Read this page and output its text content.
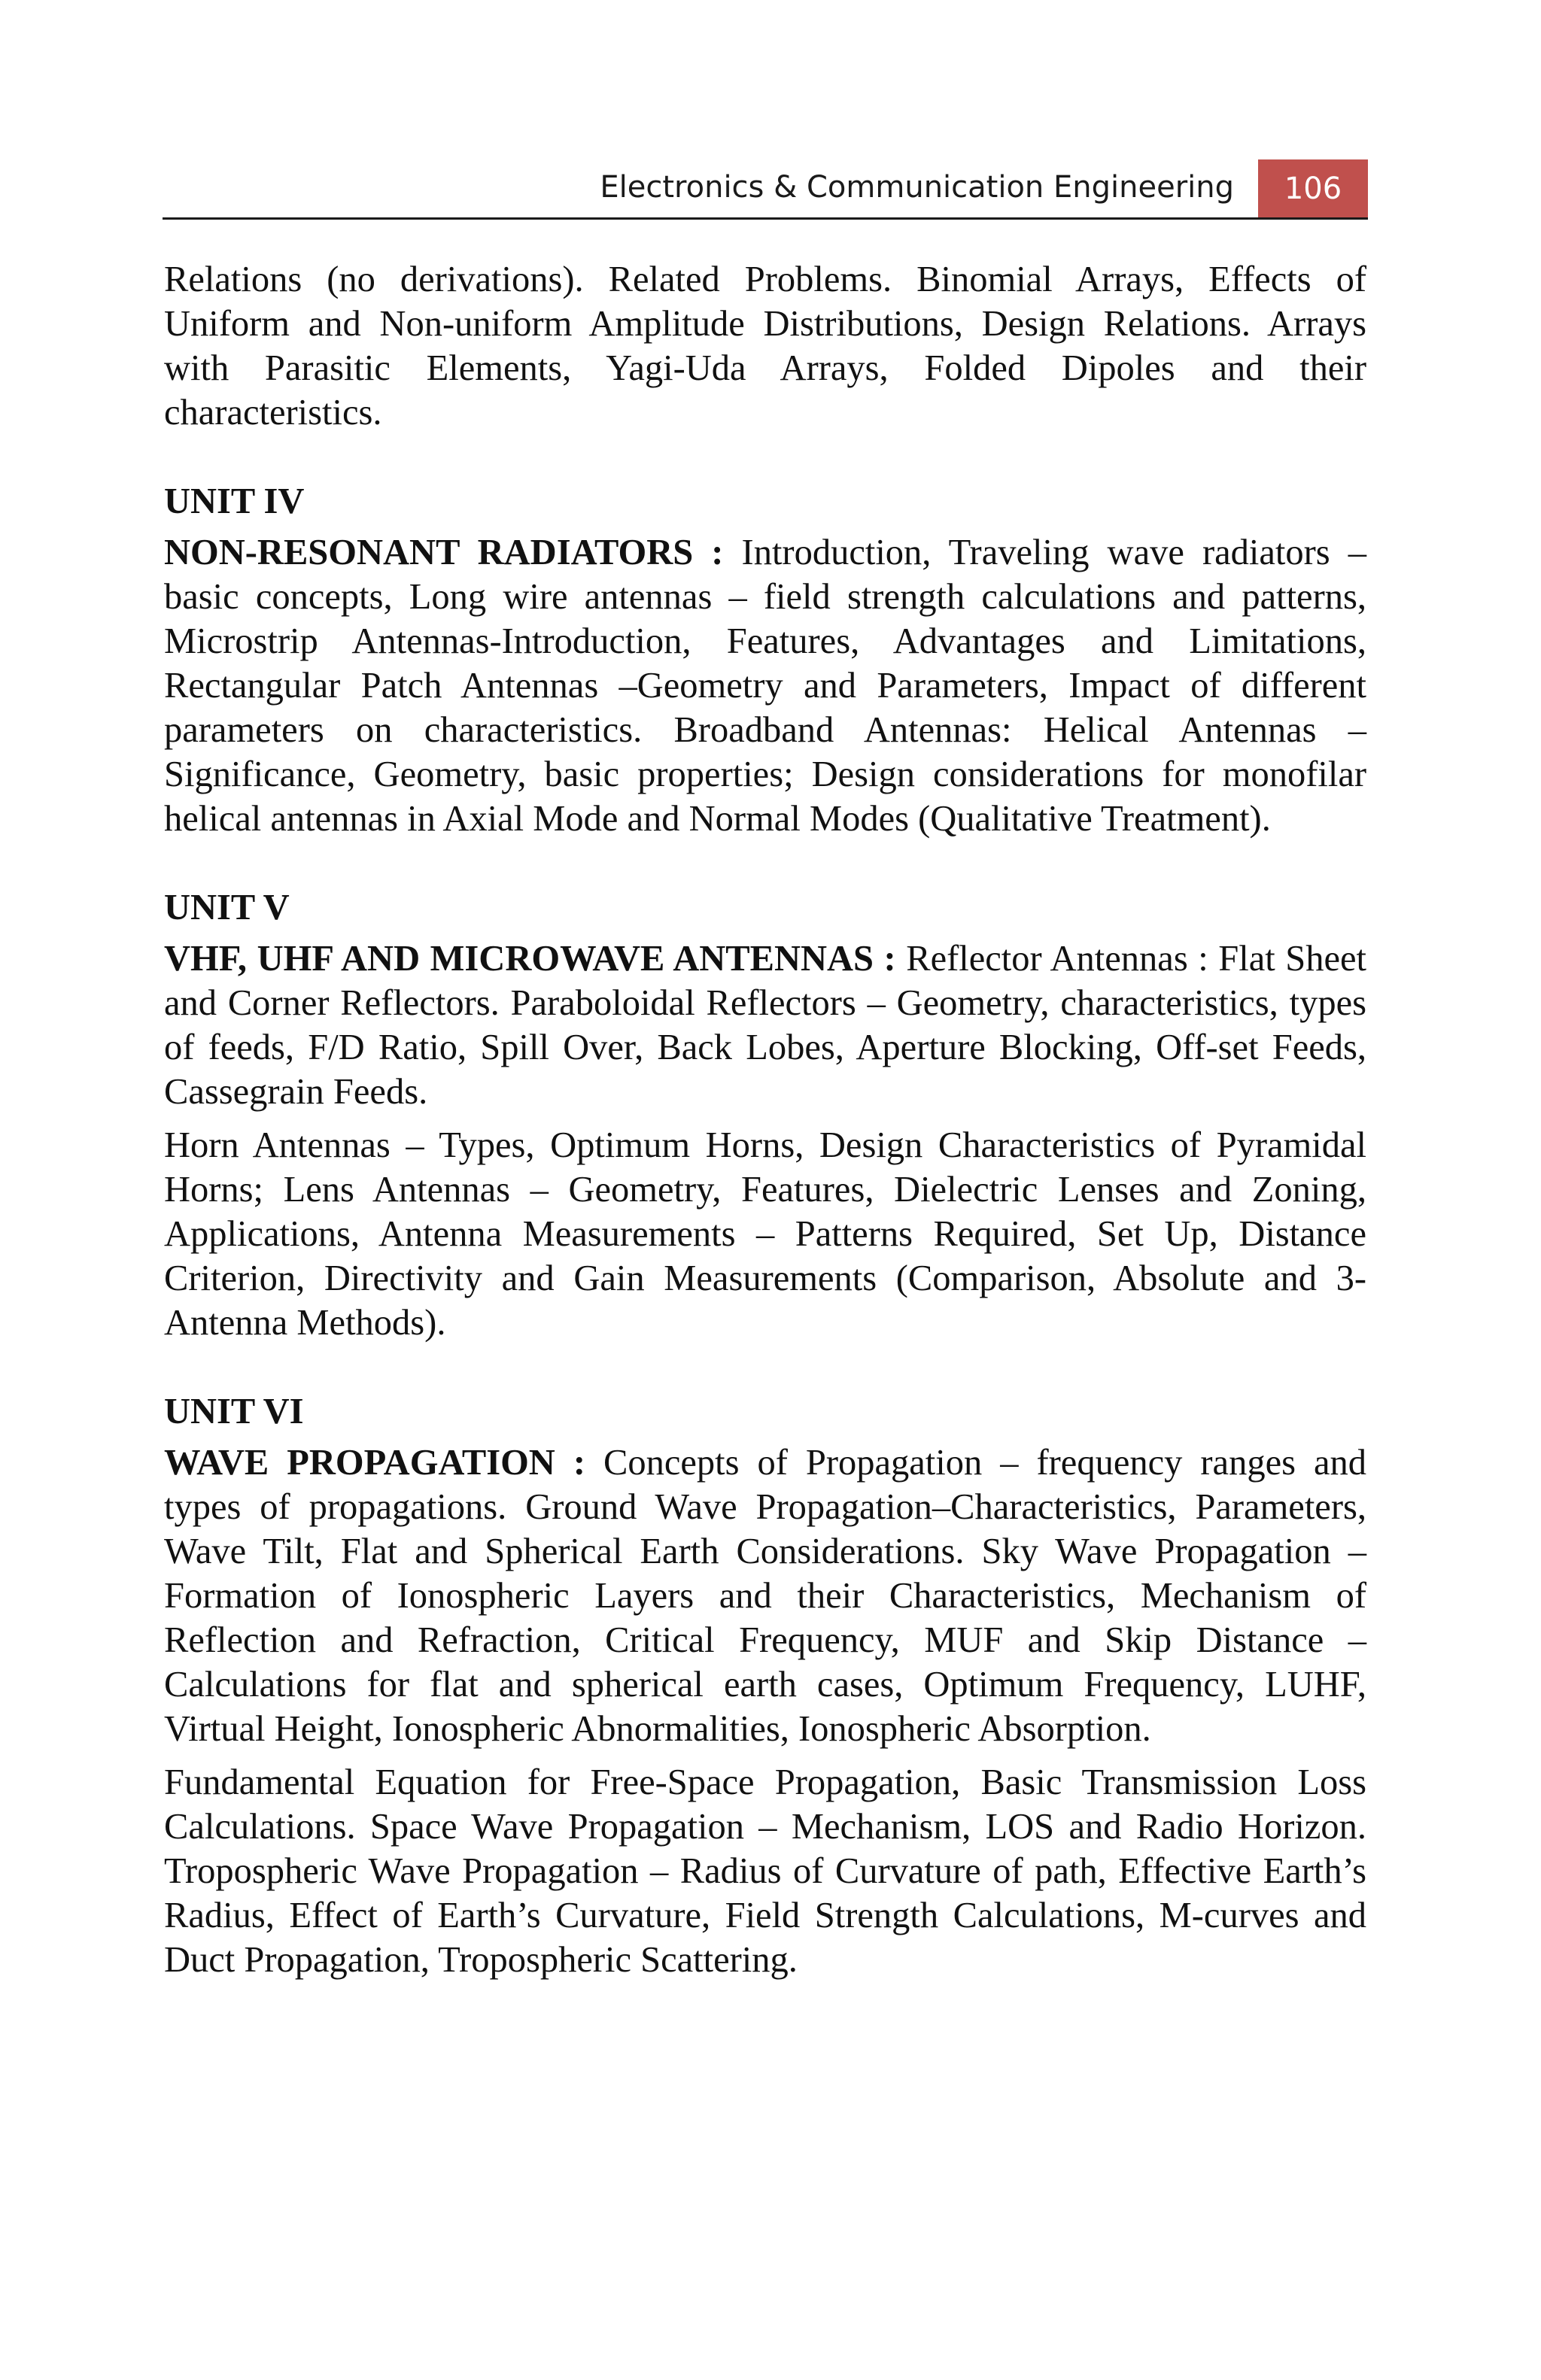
Electronics & Communication Engineering	106

Relations (no derivations). Related Problems. Binomial Arrays, Effects of Uniform and Non-uniform Amplitude Distributions, Design Relations. Arrays with Parasitic Elements, Yagi-Uda Arrays, Folded Dipoles and their characteristics.

UNIT IV

NON-RESONANT RADIATORS : Introduction, Traveling wave radiators – basic concepts, Long wire antennas – field strength calculations and patterns, Microstrip Antennas-Introduction, Features, Advantages and Limitations, Rectangular Patch Antennas –Geometry and Parameters, Impact of different parameters on characteristics. Broadband Antennas: Helical Antennas – Significance, Geometry, basic properties; Design considerations for monofilar helical antennas in Axial Mode and Normal Modes (Qualitative Treatment).

UNIT V

VHF, UHF AND MICROWAVE ANTENNAS : Reflector Antennas : Flat Sheet and Corner Reflectors. Paraboloidal Reflectors – Geometry, characteristics, types of feeds, F/D Ratio, Spill Over, Back Lobes, Aperture Blocking, Off-set Feeds, Cassegrain Feeds.

Horn Antennas – Types, Optimum Horns, Design Characteristics of Pyramidal Horns; Lens Antennas – Geometry, Features, Dielectric Lenses and Zoning, Applications, Antenna Measurements – Patterns Required, Set Up, Distance Criterion, Directivity and Gain Measurements (Comparison, Absolute and 3-Antenna Methods).

UNIT VI

WAVE PROPAGATION : Concepts of Propagation – frequency ranges and types of propagations. Ground Wave Propagation–Characteristics, Parameters, Wave Tilt, Flat and Spherical Earth Considerations. Sky Wave Propagation – Formation of Ionospheric Layers and their Characteristics, Mechanism of Reflection and Refraction, Critical Frequency, MUF and Skip Distance – Calculations for flat and spherical earth cases, Optimum Frequency, LUHF, Virtual Height, Ionospheric Abnormalities, Ionospheric Absorption.

Fundamental Equation for Free-Space Propagation, Basic Transmission Loss Calculations. Space Wave Propagation – Mechanism, LOS and Radio Horizon. Tropospheric Wave Propagation – Radius of Curvature of path, Effective Earth’s Radius, Effect of Earth’s Curvature, Field Strength Calculations, M-curves and Duct Propagation, Tropospheric Scattering.
